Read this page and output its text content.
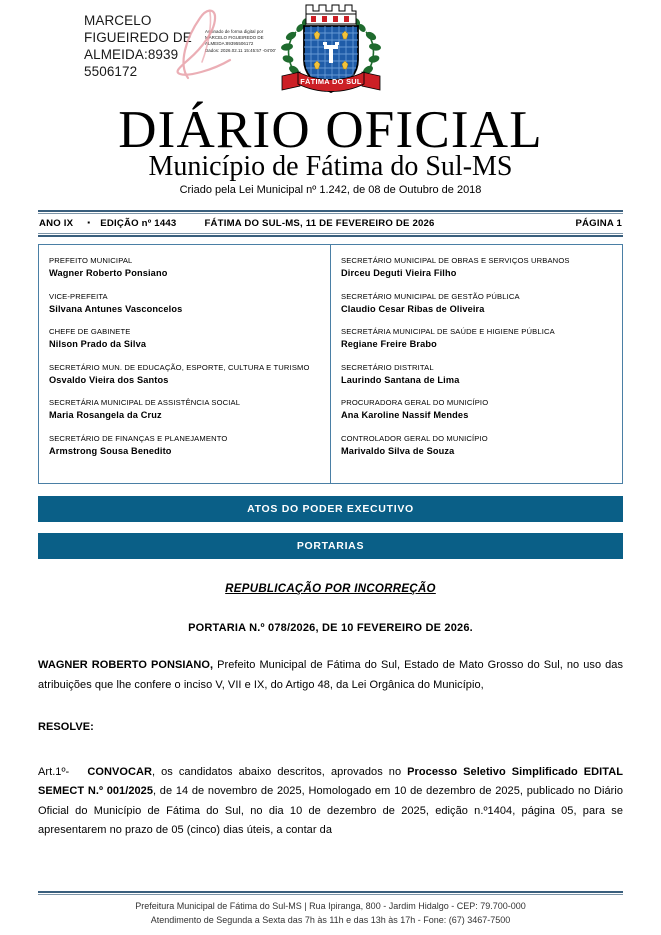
MARCELO
FIGUEIREDO DE
ALMEIDA:8939
5506172
Assinado de forma digital por
MARCELO FIGUEIREDO DE
ALMEIDA:89395506172
Dados: 2026.02.11 15:45:57 -04'00'
FÁTIMA DO SUL
DIÁRIO OFICIAL
Município de Fátima do Sul-MS
Criado pela Lei Municipal nº 1.242, de 08 de Outubro de 2018
ANO IX ▪ EDIÇÃO nº 1443	FÁTIMA DO SUL-MS, 11 DE FEVEREIRO DE 2026	PÁGINA 1
PREFEITO MUNICIPAL
Wagner Roberto Ponsiano
VICE-PREFEITA
Silvana Antunes Vasconcelos
CHEFE DE GABINETE
Nilson Prado da Silva
SECRETÁRIO MUN. DE EDUCAÇÃO, ESPORTE, CULTURA E TURISMO
Osvaldo Vieira dos Santos
SECRETÁRIA MUNICIPAL DE ASSISTÊNCIA SOCIAL
Maria Rosangela da Cruz
SECRETÁRIO DE FINANÇAS E PLANEJAMENTO
Armstrong Sousa Benedito
SECRETÁRIO MUNICIPAL DE OBRAS E SERVIÇOS URBANOS
Dirceu Deguti Vieira Filho
SECRETÁRIO MUNICIPAL DE GESTÃO PÚBLICA
Claudio Cesar Ribas de Oliveira
SECRETÁRIA MUNICIPAL DE SAÚDE E HIGIENE PÚBLICA
Regiane Freire Brabo
SECRETÁRIO DISTRITAL
Laurindo Santana de Lima
PROCURADORA GERAL DO MUNICÍPIO
Ana Karoline Nassif Mendes
CONTROLADOR GERAL DO MUNICÍPIO
Marivaldo Silva de Souza
ATOS DO PODER EXECUTIVO
PORTARIAS
REPUBLICAÇÃO POR INCORREÇÃO
PORTARIA N.º 078/2026, DE 10 FEVEREIRO DE 2026.
WAGNER ROBERTO PONSIANO, Prefeito Municipal de Fátima do Sul, Estado de Mato Grosso do Sul, no uso das atribuições que lhe confere o inciso V, VII e IX, do Artigo 48, da Lei Orgânica do Município,
RESOLVE:
Art.1º- CONVOCAR, os candidatos abaixo descritos, aprovados no Processo Seletivo Simplificado EDITAL SEMECT N.º 001/2025, de 14 de novembro de 2025, Homologado em 10 de dezembro de 2025, publicado no Diário Oficial do Município de Fátima do Sul, no dia 10 de dezembro de 2025, edição n.º1404, página 05, para se apresentarem no prazo de 05 (cinco) dias úteis, a contar da
Prefeitura Municipal de Fátima do Sul-MS | Rua Ipiranga, 800 - Jardim Hidalgo - CEP: 79.700-000
Atendimento de Segunda a Sexta das 7h às 11h e das 13h às 17h - Fone: (67) 3467-7500
